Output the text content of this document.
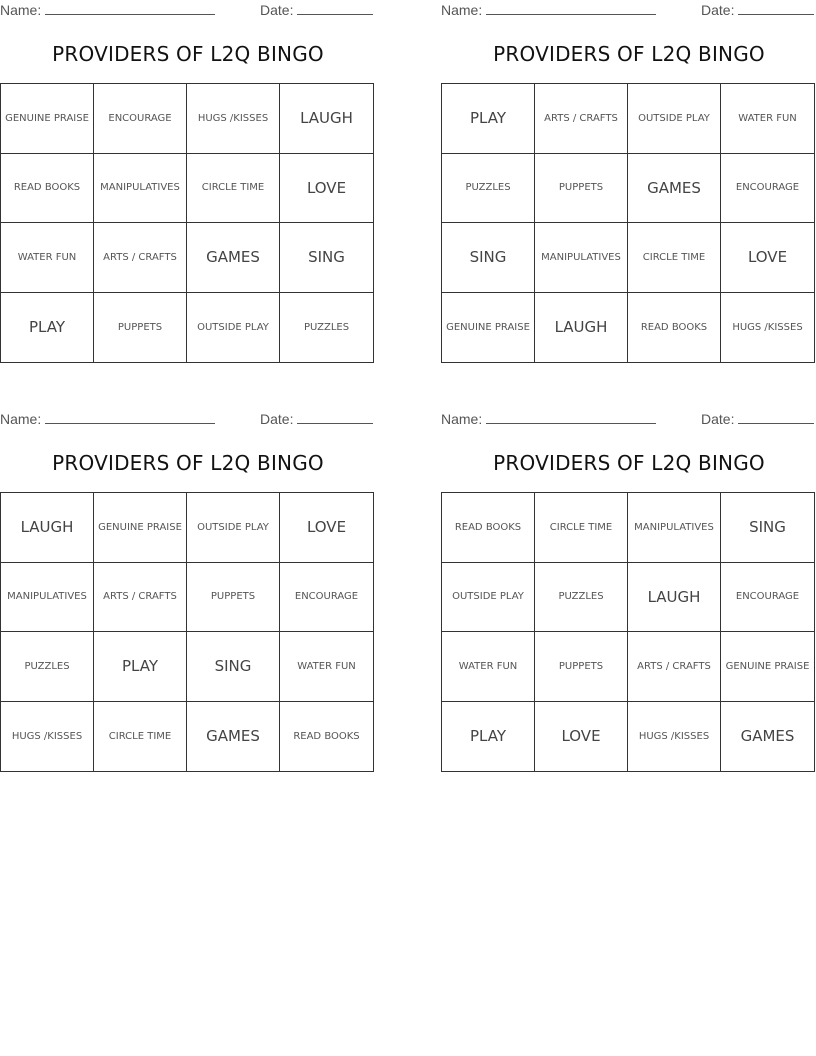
Name:	Date:
PROVIDERS OF L2Q BINGO
GENUINE PRAISE	ENCOURAGE	HUGS /KISSES	LAUGH
READ BOOKS	MANIPULATIVES	CIRCLE TIME	LOVE
WATER FUN	ARTS / CRAFTS	GAMES	SING
PLAY	PUPPETS	OUTSIDE PLAY	PUZZLES
Name:	Date:
PROVIDERS OF L2Q BINGO
PLAY	ARTS / CRAFTS	OUTSIDE PLAY	WATER FUN
PUZZLES	PUPPETS	GAMES	ENCOURAGE
SING	MANIPULATIVES	CIRCLE TIME	LOVE
GENUINE PRAISE	LAUGH	READ BOOKS	HUGS /KISSES
Name:	Date:
PROVIDERS OF L2Q BINGO
LAUGH	GENUINE PRAISE	OUTSIDE PLAY	LOVE
MANIPULATIVES	ARTS / CRAFTS	PUPPETS	ENCOURAGE
PUZZLES	PLAY	SING	WATER FUN
HUGS /KISSES	CIRCLE TIME	GAMES	READ BOOKS
Name:	Date:
PROVIDERS OF L2Q BINGO
READ BOOKS	CIRCLE TIME	MANIPULATIVES	SING
OUTSIDE PLAY	PUZZLES	LAUGH	ENCOURAGE
WATER FUN	PUPPETS	ARTS / CRAFTS	GENUINE PRAISE
PLAY	LOVE	HUGS /KISSES	GAMES
